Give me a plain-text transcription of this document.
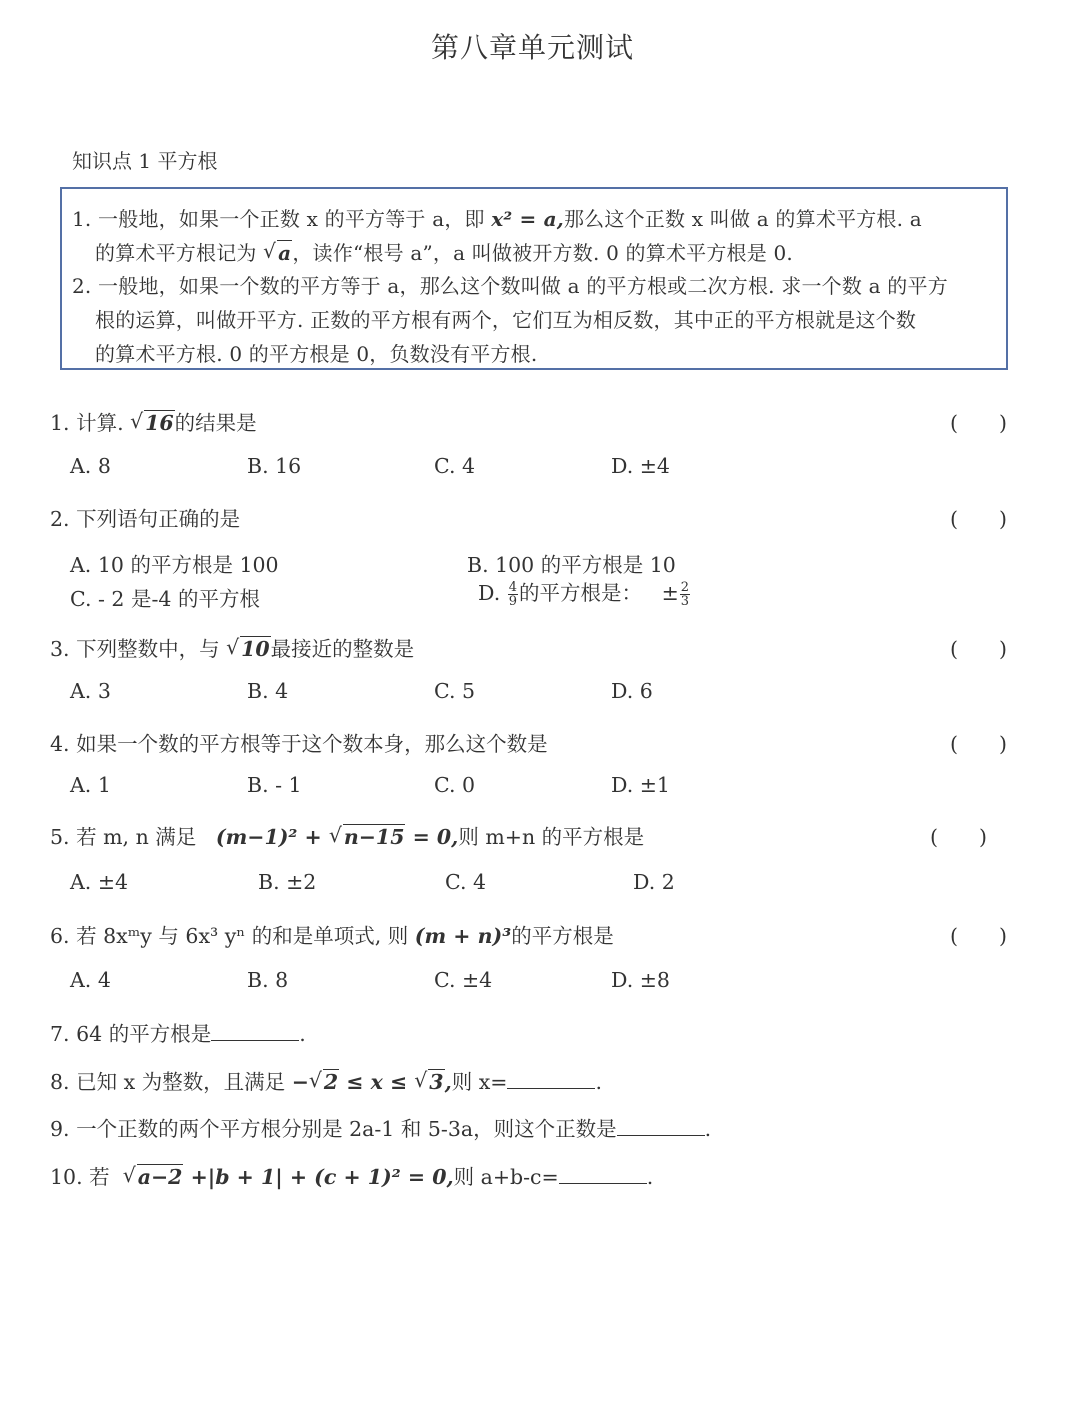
第八章单元测试
知识点 1 平方根
1. 一般地，如果一个正数 x 的平方等于 a，即 x² = a,那么这个正数 x 叫做 a 的算术平方根. a
的算术平方根记为 √ a，读作“根号 a”，a 叫做被开方数. 0 的算术平方根是 0.
2. 一般地，如果一个数的平方等于 a，那么这个数叫做 a 的平方根或二次方根. 求一个数 a 的平方
根的运算，叫做开平方. 正数的平方根有两个，它们互为相反数，其中正的平方根就是这个数
的算术平方根. 0 的平方根是 0，负数没有平方根.
1. 计算. √ 16的结果是	(　　)
A. 8	B. 16	C. 4	D. ±4
2. 下列语句正确的是	(　　)
A. 10 的平方根是 100	B. 100 的平方根是 10
C. - 2 是-4 的平方根	D. $\frac{4}{9}$ 的平方根是： ± $\frac{2}{3}$
3. 下列整数中，与 √ 10最接近的整数是	(　　)
A. 3	B. 4	C. 5	D. 6
4. 如果一个数的平方根等于这个数本身，那么这个数是	(　　)
A. 1	B. - 1	C. 0	D. ±1
5. 若 m, n 满足   (m−1)² + √ n−15 = 0,则 m+n 的平方根是	(　　)
A. ±4	B. ±2	C. 4	D. 2
6. 若 8xᵐy 与 6x³ yⁿ 的和是单项式, 则 (m + n)³的平方根是	(　　)
A. 4	B. 8	C. ±4	D. ±8
7. 64 的平方根是	.
8. 已知 x 为整数，且满足 −√ 2 ≤ x ≤ √ 3,则 x=	.
9. 一个正数的两个平方根分别是 2a-1 和 5-3a，则这个正数是	.
10. 若  √ a−2 +|b + 1| + (c + 1)² = 0,则 a+b-c=	.
